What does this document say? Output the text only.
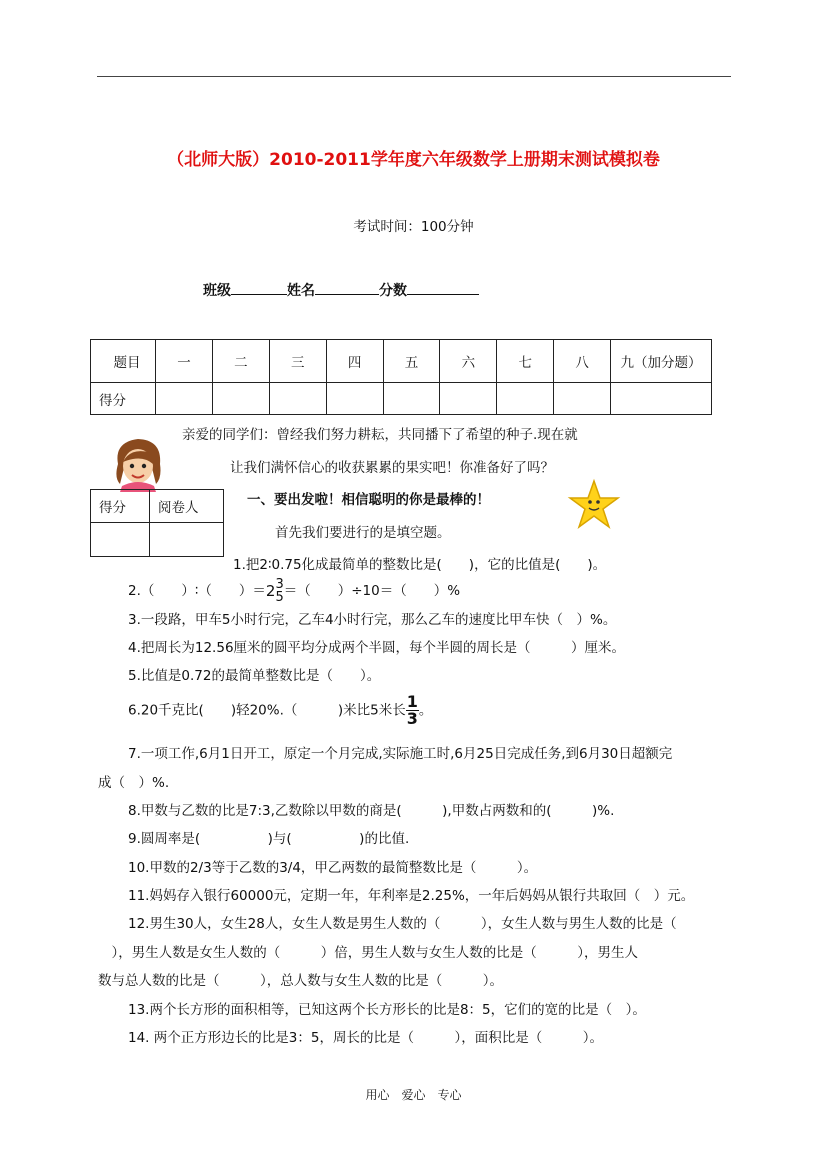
（北师大版）2010-2011学年度六年级数学上册期末测试模拟卷
考试时间：100分钟
班级	姓名	分数
题目	一	二	三	四	五	六	七	八	九（加分题）
得分									
亲爱的同学们：曾经我们努力耕耘，共同播下了希望的种子.现在就
让我们满怀信心的收获累累的果实吧！你准备好了吗？
得分	阅卷人
		一、要出发啦！相信聪明的你是最棒的！
首先我们要进行的是填空题。
1.把2∶0.75化成最简单的整数比是(　　)，它的比值是(　　)。
2.（　　）∶（　　）＝2 3
5 ＝（　　）÷10＝（　　）%
3.一段路，甲车5小时行完，乙车4小时行完，那么乙车的速度比甲车快（　）%。
4.把周长为12.56厘米的圆平均分成两个半圆，每个半圆的周长是（　　　）厘米。
5.比值是0.72的最简单整数比是（　　）。
6.20千克比(　　)轻20%.（　　　)米比5米长 $\frac{1}{3}$ 。
7.一项工作,6月1日开工，原定一个月完成,实际施工时,6月25日完成任务,到6月30日超额完
成（　）%.
8.甲数与乙数的比是7:3,乙数除以甲数的商是(　　　),甲数占两数和的(　　　)%.
9.圆周率是(　　　　　)与(　　　　　)的比值.
10.甲数的2/3等于乙数的3/4，甲乙两数的最简整数比是（　　　）。
11.妈妈存入银行60000元，定期一年，年利率是2.25%，一年后妈妈从银行共取回（　）元。
12.男生30人，女生28人，女生人数是男生人数的（　　　），女生人数与男生人数的比是（
　），男生人数是女生人数的（　　　）倍，男生人数与女生人数的比是（　　　），男生人
数与总人数的比是（　　　），总人数与女生人数的比是（　　　）。
13.两个长方形的面积相等，已知这两个长方形长的比是8：5，它们的宽的比是（　）。
14. 两个正方形边长的比是3：5，周长的比是（　　　），面积比是（　　　）。
用心　爱心　专心
